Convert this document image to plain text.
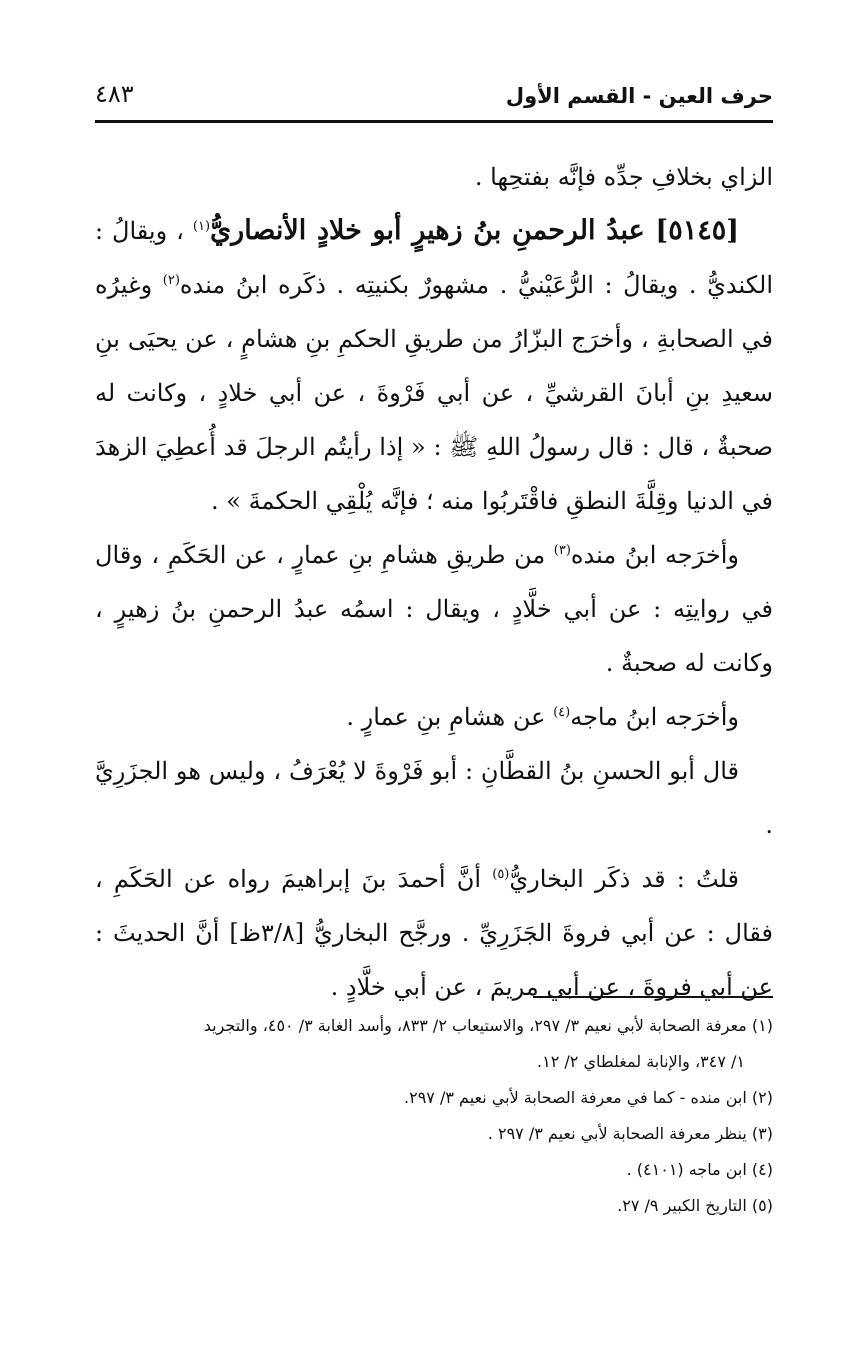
٤٨٣	حرف العين - القسم الأول

الزاي بخلافِ جدِّه فإنَّه بفتحِها .

[٥١٤٥] عبدُ الرحمنِ بنُ زهيرٍ أبو خلادٍ الأنصاريُّ$^{(١)}$ ، ويقالُ : الكنديُّ . ويقالُ : الرُّعَيْنيُّ . مشهورٌ بكنيتِه . ذكَره ابنُ منده$^{(٢)}$ وغيرُه في الصحابةِ ، وأخرَج البزّارُ من طريقِ الحكمِ بنِ هشامٍ ، عن يحيَى بنِ سعيدِ بنِ أبانَ القرشيِّ ، عن أبي فَرْوةَ ، عن أبي خلادٍ ، وكانت له صحبةٌ ، قال : قال رسولُ اللهِ ﷺ : « إذا رأيتُم الرجلَ قد أُعطِيَ الزهدَ في الدنيا وقِلَّةَ النطقِ فاقْتَربُوا منه ؛ فإنَّه يُلْقِي الحكمةَ » .

وأخرَجه ابنُ منده$^{(٣)}$ من طريقِ هشامِ بنِ عمارٍ ، عن الحَكَمِ ، وقال في روايتِه : عن أبي خلَّادٍ ، ويقال : اسمُه عبدُ الرحمنِ بنُ زهيرٍ ، وكانت له صحبةٌ .

وأخرَجه ابنُ ماجه$^{(٤)}$ عن هشامِ بنِ عمارٍ .

قال أبو الحسنِ بنُ القطَّانِ : أبو فَرْوةَ لا يُعْرَفُ ، وليس هو الجزَرِيَّ .

قلتُ : قد ذكَر البخاريُّ$^{(٥)}$ أنَّ أحمدَ بنَ إبراهيمَ رواه عن الحَكَمِ ، فقال : عن أبي فروةَ الجَزَرِيِّ . ورجَّح البخاريُّ [٣/٨ظ] أنَّ الحديثَ : عن أبي فروةَ ، عن أبي مريمَ ، عن أبي خلَّادٍ .

(١) معرفة الصحابة لأبي نعيم ٣/ ٢٩٧، والاستيعاب ٢/ ٨٣٣، وأسد الغابة ٣/ ٤٥٠، والتجريد

١/ ٣٤٧، والإنابة لمغلطاي ٢/ ١٢.

(٢) ابن منده - كما في معرفة الصحابة لأبي نعيم ٣/ ٢٩٧.

(٣) ينظر معرفة الصحابة لأبي نعيم ٣/ ٢٩٧ .

(٤) ابن ماجه (٤١٠١) .

(٥) التاريخ الكبير ٩/ ٢٧.
